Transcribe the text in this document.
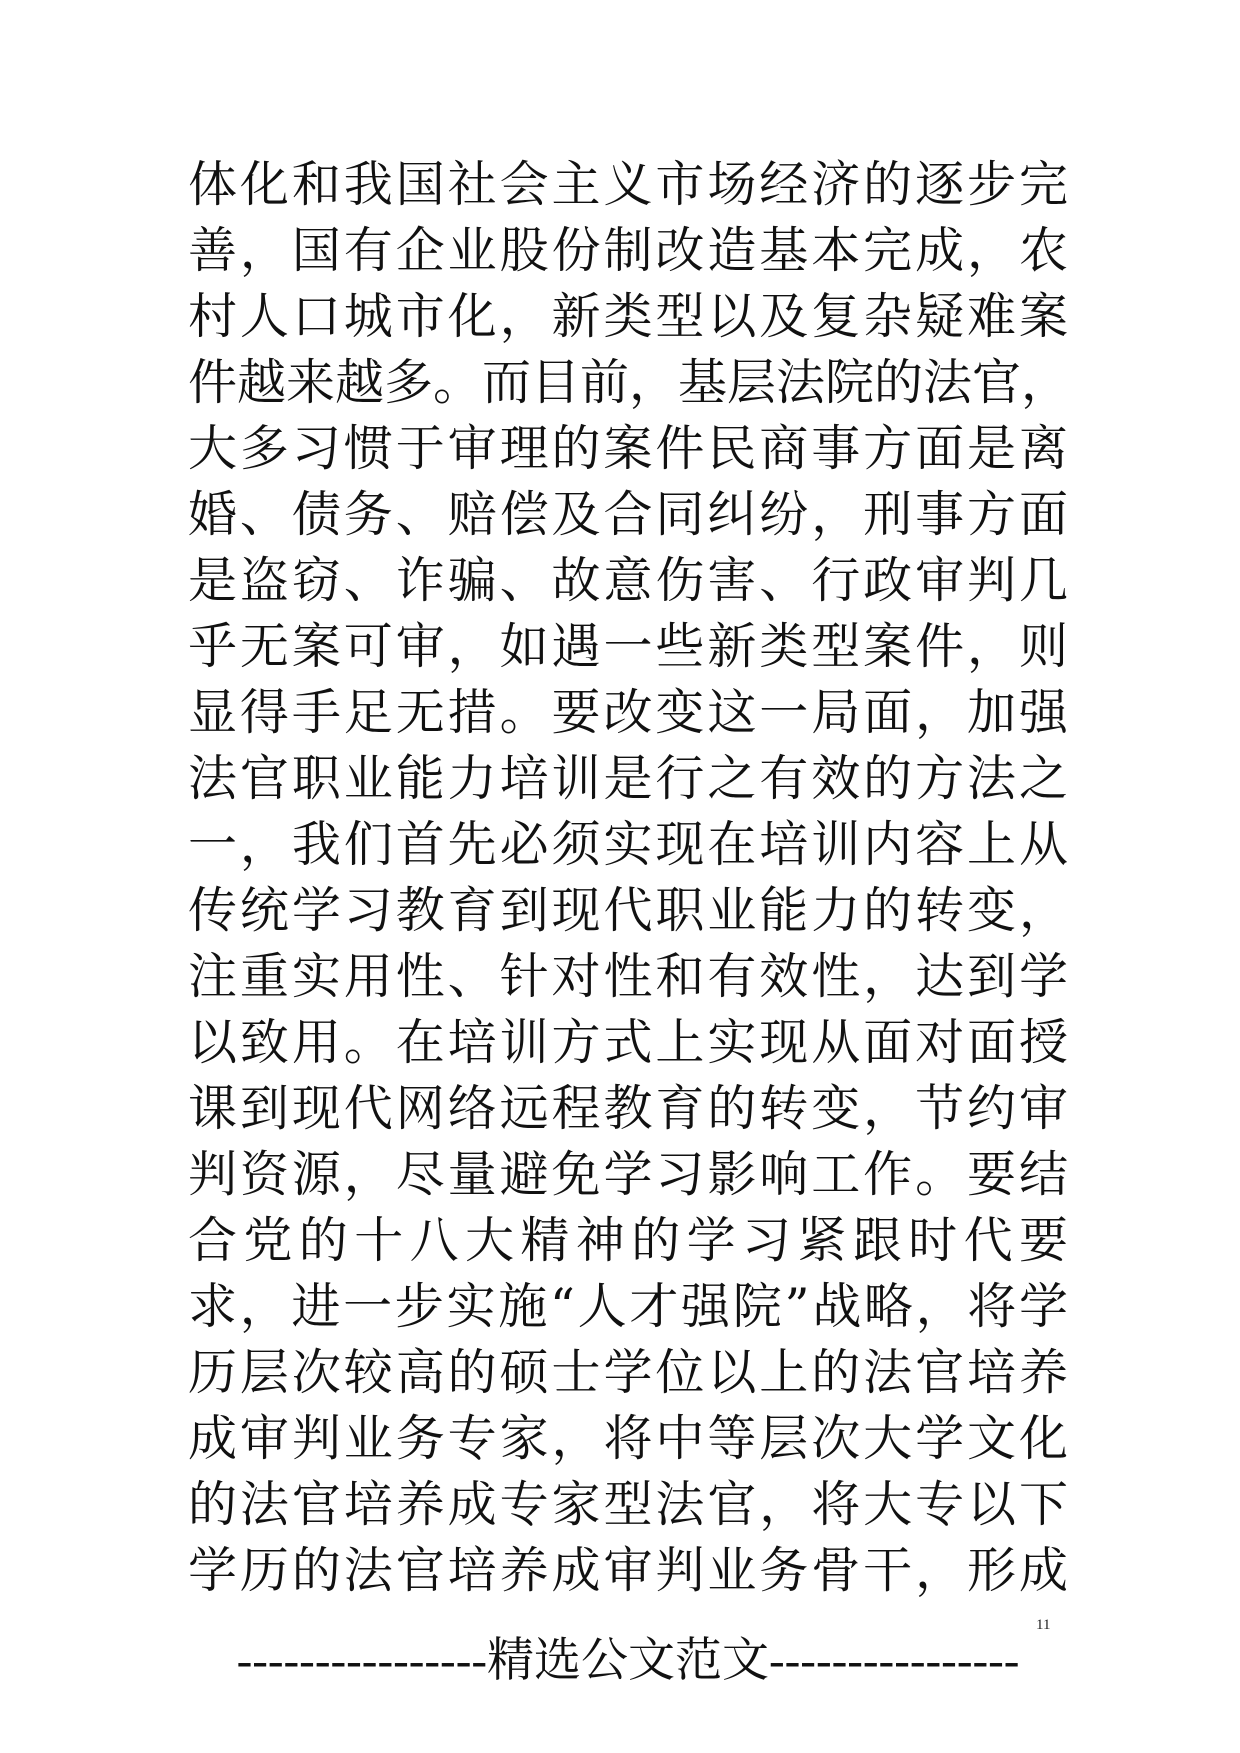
体化和我国社会主义市场经济的逐步完
善，国有企业股份制改造基本完成，农
村人口城市化，新类型以及复杂疑难案
件越来越多。而目前，基层法院的法官，
大多习惯于审理的案件民商事方面是离
婚、债务、赔偿及合同纠纷，刑事方面
是盗窃、诈骗、故意伤害、行政审判几
乎无案可审，如遇一些新类型案件，则
显得手足无措。要改变这一局面，加强
法官职业能力培训是行之有效的方法之
一，我们首先必须实现在培训内容上从
传统学习教育到现代职业能力的转变，
注重实用性、针对性和有效性，达到学
以致用。在培训方式上实现从面对面授
课到现代网络远程教育的转变，节约审
判资源，尽量避免学习影响工作。要结
合党的十八大精神的学习紧跟时代要
求，进一步实施“人才强院”战略，将学
历层次较高的硕士学位以上的法官培养
成审判业务专家，将中等层次大学文化
的法官培养成专家型法官，将大专以下
学历的法官培养成审判业务骨干，形成
11
----------------精选公文范文----------------
